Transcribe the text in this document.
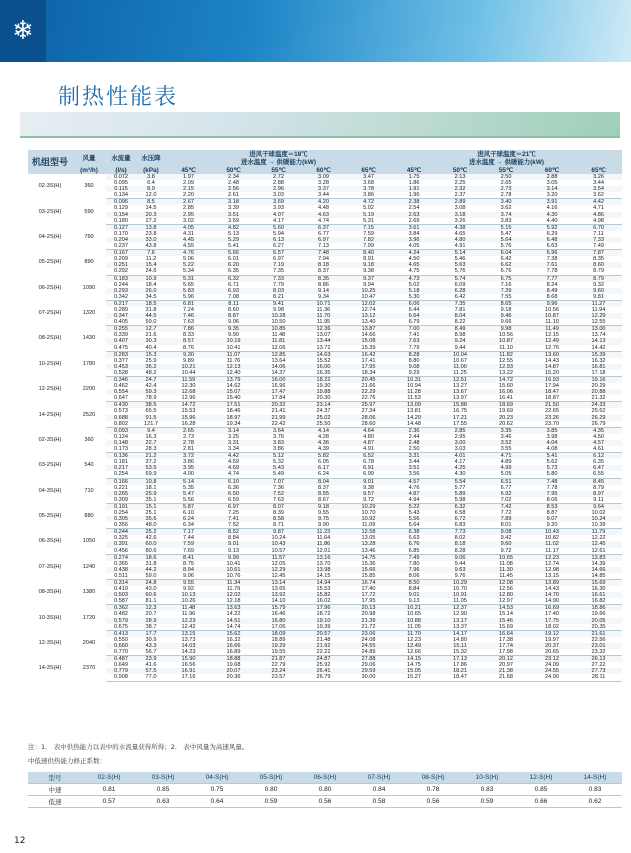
❄
制热性能表
机组型号	风量	水流量	水压降	进风干球温度＝18℃					进风干球温度＝21℃				
				进水温度 → 供暖能力(kW)					进水温度 → 供暖能力(kW)				
	(m³/h)	(l/s)	(kPa)	45℃	50℃	55℃	60℃	65℃	45℃	50℃	55℃	60℃	65℃
02-3S(H)	360	0.072	3.8	1.97	2.34	2.72	3.09	3.47	1.75	2.13	2.50	2.88	3.26
		0.095	6.4	2.09	2.48	2.88	3.28	3.68	1.86	2.25	2.65	3.05	3.44
		0.115	8.9	2.15	2.56	2.96	3.37	3.78	1.91	2.32	2.73	3.14	3.54
		0.134	12.0	2.20	2.61	3.03	3.44	3.86	1.96	2.37	2.78	3.20	3.62
03-2S(H)	590	0.096	8.5	2.67	3.18	3.69	4.20	4.72	2.38	2.89	3.40	3.91	4.42
		0.129	14.5	2.85	3.39	3.93	4.48	5.02	2.54	3.08	3.62	4.16	4.71
		0.154	20.3	2.95	3.51	4.07	4.63	5.19	2.63	3.18	3.74	4.30	4.86
		0.180	27.2	3.02	3.59	4.17	4.74	5.31	2.69	3.26	3.83	4.40	4.98
04-2S(H)	760	0.127	13.8	4.05	4.82	5.60	6.37	7.15	3.61	4.38	5.15	5.92	6.70
		0.170	23.8	4.31	5.13	5.94	6.77	7.59	3.84	4.65	5.47	6.29	7.11
		0.204	33.0	4.45	5.29	6.13	6.97	7.82	3.96	4.80	5.64	6.48	7.33
		0.237	43.8	4.55	5.41	6.27	7.13	7.99	4.05	4.91	5.76	6.63	7.49
05-2S(H)	890	0.167	7.6	4.76	5.66	6.57	7.48	8.40	4.24	5.14	6.04	6.96	7.87
		0.209	11.2	5.06	6.01	6.97	7.94	8.91	4.50	5.46	6.42	7.38	8.35
		0.251	15.4	5.22	6.20	7.19	8.18	9.18	4.65	5.63	6.62	7.61	8.60
		0.292	24.6	5.34	6.35	7.35	8.37	9.38	4.75	5.76	6.76	7.78	8.79
06-2S(H)	1090	0.183	10.9	5.31	6.32	7.33	8.35	9.37	4.73	5.74	6.75	7.77	8.79
		0.244	18.4	5.65	6.71	7.79	8.86	9.94	5.02	6.09	7.16	8.24	9.32
		0.293	26.0	5.83	6.93	8.03	9.14	10.25	5.18	6.28	7.39	8.49	9.60
		0.342	34.5	5.96	7.08	8.21	9.34	10.47	5.30	6.42	7.55	8.68	9.81
07-2S(H)	1320	0.217	18.5	6.81	8.11	9.41	10.71	12.02	6.06	7.35	8.65	9.96	11.27
		0.289	31.8	7.24	8.60	9.98	11.36	12.74	6.44	7.81	9.18	10.56	11.94
		0.347	44.5	7.46	8.87	10.28	11.70	13.12	6.64	8.04	9.46	10.87	12.29
		0.405	59.0	7.63	9.06	10.50	11.95	13.40	6.79	8.22	9.66	11.10	12.55
08-2S(H)	1430	0.255	12.7	7.86	9.35	10.85	12.36	13.87	7.00	8.49	9.98	11.49	13.00
		0.339	21.6	8.33	9.90	11.48	13.07	14.66	7.41	8.98	10.56	12.15	13.74
		0.407	30.3	8.57	10.19	11.81	13.44	15.08	7.63	9.24	10.87	12.49	14.13
		0.475	40.4	8.76	10.41	12.06	13.72	15.39	7.79	9.44	11.10	12.76	14.42
10-2S(H)	1780	0.283	15.3	9.30	11.07	12.85	14.63	16.42	8.28	10.04	11.82	13.60	15.39
		0.377	25.9	9.89	11.76	13.64	15.52	17.41	8.80	10.67	12.55	14.43	16.32
		0.453	36.2	10.21	12.13	14.06	16.00	17.95	9.08	11.00	12.93	14.87	16.81
		0.528	48.2	10.44	12.40	14.37	16.35	18.34	9.29	11.25	13.22	15.20	17.18
12-2S(H)	2200	0.346	24.7	11.59	13.79	16.00	18.22	20.45	10.31	12.51	14.72	16.93	19.16
		0.462	42.4	12.30	14.62	16.96	19.30	21.66	10.94	13.27	15.60	17.94	20.29
		0.554	59.3	12.68	15.07	17.47	19.88	22.29	11.28	13.67	16.06	18.47	20.88
		0.647	78.9	12.96	15.40	17.84	20.30	22.76	11.53	13.97	16.41	18.87	21.32
14-2S(H)	2520	0.430	38.5	14.72	17.51	20.32	23.14	25.97	13.09	15.88	18.69	21.50	24.33
		0.573	65.5	15.53	18.46	21.41	24.37	27.34	13.81	16.75	19.69	22.65	25.62
		0.688	91.5	15.96	18.97	21.99	25.02	28.06	14.20	17.21	20.23	23.26	26.29
		0.802	121.7	16.28	19.34	22.42	25.50	28.60	14.48	17.55	20.62	23.70	26.79
02-3S(H)	360	0.093	9.4	2.65	3.14	3.64	4.14	4.64	2.36	2.85	3.35	3.85	4.35
		0.124	16.3	2.73	3.25	3.76	4.28	4.80	2.44	2.95	3.46	3.98	4.50
		0.148	22.7	2.78	3.31	3.83	4.36	4.87	2.48	3.00	3.52	4.04	4.57
		0.173	28.3	2.81	3.34	3.86	4.39	4.91	2.50	3.03	3.55	4.08	4.61
03-2S(H)	540	0.136	21.2	3.72	4.42	5.12	5.82	6.52	3.31	4.01	4.71	5.41	6.12
		0.181	37.2	3.86	4.59	5.32	6.05	6.78	3.44	4.17	4.89	5.62	6.35
		0.217	53.5	3.95	4.69	5.43	6.17	6.91	3.51	4.25	4.99	5.73	6.47
		0.254	69.9	4.00	4.74	5.49	6.24	6.99	3.56	4.30	5.05	5.80	6.55
04-3S(H)	710	0.166	10.8	5.14	6.10	7.07	8.04	9.01	4.57	5.54	6.51	7.48	8.45
		0.221	18.1	5.35	6.36	7.36	8.37	9.38	4.76	5.77	6.77	7.78	8.79
		0.265	25.9	5.47	6.50	7.52	8.55	9.57	4.87	5.89	6.92	7.95	8.97
		0.309	35.1	5.56	6.59	7.63	8.67	9.72	4.94	5.98	7.02	8.06	9.11
05-3S(H)	880	0.191	15.1	5.87	6.97	8.07	9.18	10.29	5.22	6.32	7.42	8.53	9.64
		0.254	25.1	6.10	7.25	8.39	9.55	10.70	5.43	6.58	7.72	8.87	10.02
		0.305	35.6	6.24	7.41	8.58	9.75	10.92	5.56	6.72	7.89	9.07	10.24
		0.356	48.0	6.34	7.52	8.71	9.90	11.09	5.64	6.83	8.01	9.20	10.39
06-3S(H)	1050	0.244	25.2	7.17	8.52	9.87	11.23	12.58	6.38	7.73	9.08	10.43	11.79
		0.325	42.6	7.44	8.84	10.24	11.64	13.05	6.63	8.02	9.42	10.82	12.22
		0.391	60.0	7.59	9.01	10.43	11.86	13.28	6.76	8.18	9.60	11.02	12.45
		0.456	80.6	7.69	9.13	10.57	12.01	13.46	6.85	8.28	9.72	11.17	12.61
07-3S(H)	1240	0.274	18.6	8.41	9.99	11.57	13.16	14.75	7.49	9.06	10.65	12.23	13.83
		0.365	31.8	8.75	10.41	12.05	13.70	15.36	7.80	9.44	11.08	12.74	14.39
		0.438	44.2	8.94	10.61	12.29	13.98	15.66	7.96	9.63	11.30	12.98	14.66
		0.511	59.0	9.06	10.76	12.45	14.15	15.85	8.06	9.76	11.45	13.15	14.85
08-3S(H)	1380	0.314	24.8	9.55	11.34	13.14	14.94	16.74	8.50	10.29	12.08	13.89	15.69
		0.419	43.0	9.92	11.79	13.65	15.53	17.40	8.84	10.70	12.56	14.43	16.30
		0.503	60.6	10.13	12.02	13.92	15.82	17.72	9.01	10.91	12.80	14.70	16.61
		0.587	81.1	10.26	12.18	14.10	16.02	17.95	9.13	11.05	12.97	14.90	16.82
10-3S(H)	1720	0.362	12.3	11.48	13.63	15.79	17.96	20.13	10.21	12.37	14.53	16.69	18.86
		0.482	20.7	11.96	14.22	16.46	18.72	20.98	10.65	12.90	15.14	17.40	19.66
		0.579	28.9	12.23	14.51	16.80	19.10	21.39	10.88	13.17	15.46	17.75	20.05
		0.675	38.7	12.42	14.74	17.06	19.39	21.72	11.05	13.37	15.69	18.02	20.35
12-3S(H)	2040	0.413	17.7	13.15	15.62	18.09	20.57	23.06	11.70	14.17	16.64	19.12	21.61
		0.550	30.9	13.73	16.32	18.89	21.48	24.08	12.23	14.80	17.38	19.97	22.56
		0.660	43.3	14.03	16.66	19.29	21.92	24.55	12.49	15.11	17.74	20.37	23.01
		0.770	56.7	14.23	16.89	19.55	22.22	24.89	12.66	15.32	17.98	20.65	23.32
14-3S(H)	2370	0.487	23.9	15.90	18.88	21.87	24.87	27.88	14.15	17.13	20.12	23.12	26.13
		0.649	41.6	16.56	19.68	22.79	25.92	29.06	14.75	17.86	20.97	24.09	27.22
		0.779	57.5	16.91	20.07	23.24	26.41	29.59	15.05	18.21	21.38	24.55	27.73
		0.908	77.0	17.16	20.36	23.57	26.79	30.00	15.27	18.47	21.68	24.90	28.11
注：1． 表中供热能力以表中的水流量获得所得；2． 表中风量为高速风量。
中低速供热能力修正系数：
型号	02-S(H)	03-S(H)	04-S(H)	05-S(H)	06-S(H)	07-S(H)	08-S(H)	10-S(H)	12-S(H)	14-S(H)
中速	0.81	0.85	0.75	0.80	0.80	0.84	0.78	0.83	0.85	0.83
低速	0.57	0.63	0.64	0.59	0.56	0.58	0.56	0.59	0.66	0.62
12
